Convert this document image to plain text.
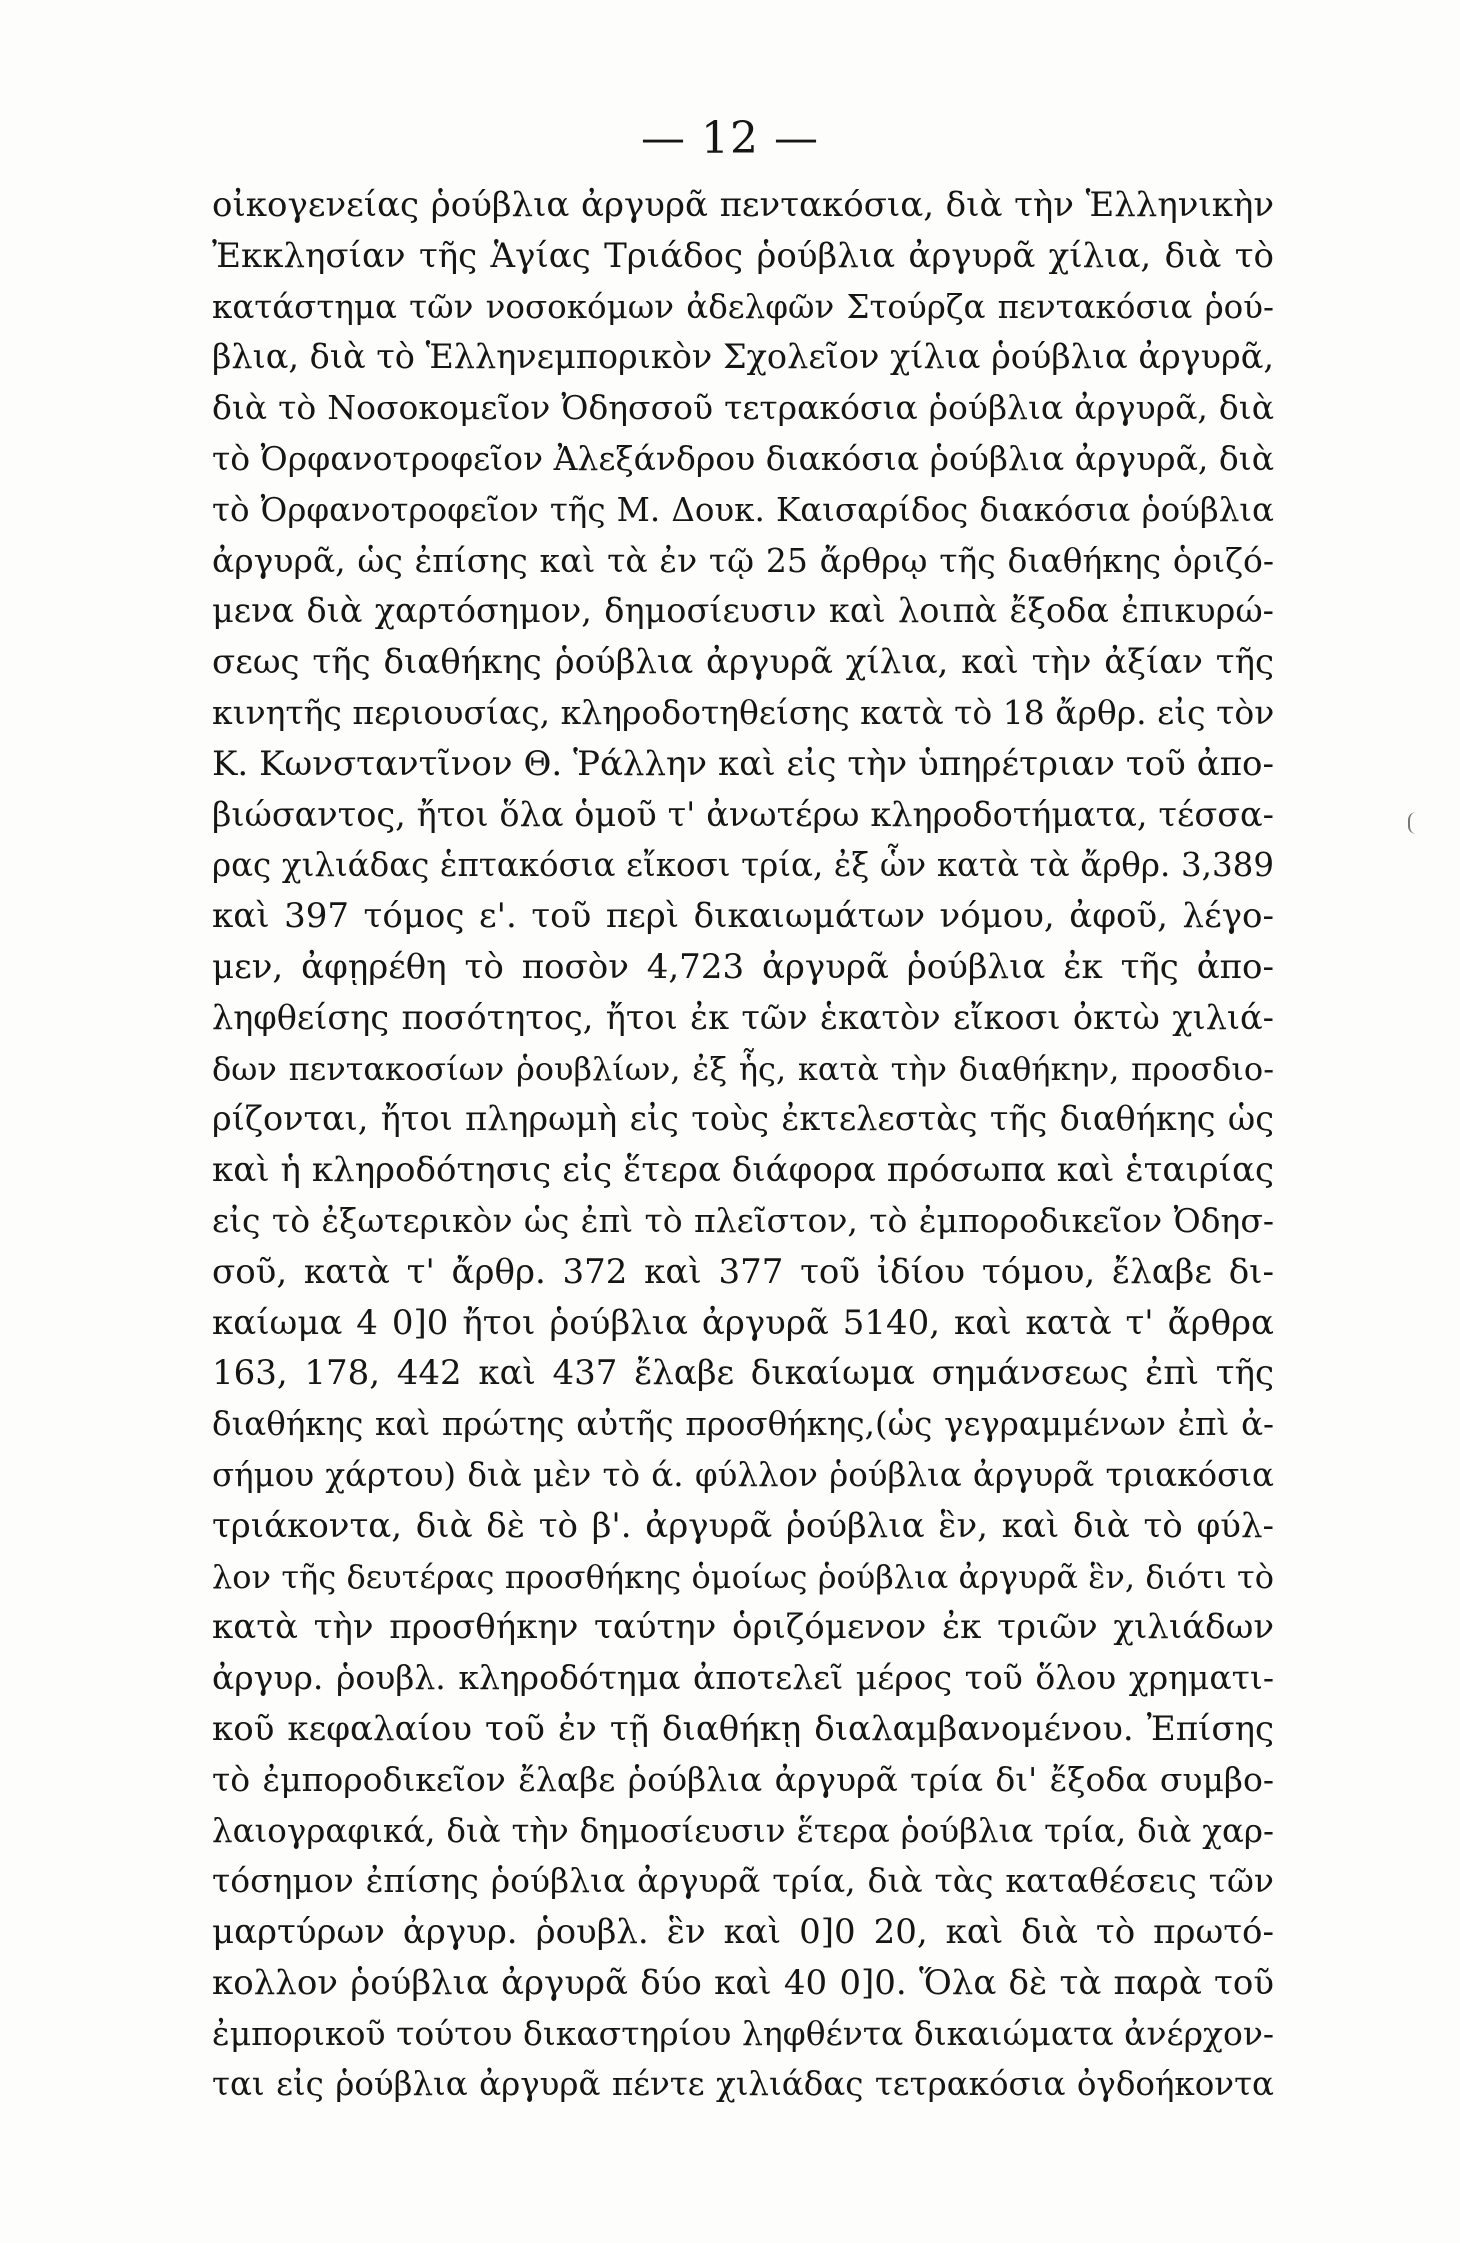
— 12 —
οἰκογενείας ῥούβλια ἀργυρᾶ πεντακόσια, διὰ τὴν Ἑλληνικὴν
Ἐκκλησίαν τῆς Ἁγίας Τριάδος ῥούβλια ἀργυρᾶ χίλια, διὰ τὸ
κατάστημα τῶν νοσοκόμων ἀδελφῶν Στούρζα πεντακόσια ῥού-
βλια, διὰ τὸ Ἑλληνεμπορικὸν Σχολεῖον χίλια ῥούβλια ἀργυρᾶ,
διὰ τὸ Νοσοκομεῖον Ὀδησσοῦ τετρακόσια ῥούβλια ἀργυρᾶ, διὰ
τὸ Ὀρφανοτροφεῖον Ἀλεξάνδρου διακόσια ῥούβλια ἀργυρᾶ, διὰ
τὸ Ὀρφανοτροφεῖον τῆς Μ. Δουκ. Καισαρίδος διακόσια ῥούβλια
ἀργυρᾶ, ὡς ἐπίσης καὶ τὰ ἐν τῷ 25 ἄρθρῳ τῆς διαθήκης ὁριζό-
μενα διὰ χαρτόσημον, δημοσίευσιν καὶ λοιπὰ ἔξοδα ἐπικυρώ-
σεως τῆς διαθήκης ῥούβλια ἀργυρᾶ χίλια, καὶ τὴν ἀξίαν τῆς
κινητῆς περιουσίας, κληροδοτηθείσης κατὰ τὸ 18 ἄρθρ. εἰς τὸν
Κ. Κωνσταντῖνον Θ. Ῥάλλην καὶ εἰς τὴν ὑπηρέτριαν τοῦ ἀπο-
βιώσαντος, ἤτοι ὅλα ὁμοῦ τ' ἀνωτέρω κληροδοτήματα, τέσσα-
ρας χιλιάδας ἑπτακόσια εἴκοσι τρία, ἐξ ὧν κατὰ τὰ ἄρθρ. 3,389
καὶ 397 τόμος ε'. τοῦ περὶ δικαιωμάτων νόμου, ἀφοῦ, λέγο-
μεν, ἀφῃρέθη τὸ ποσὸν 4,723 ἀργυρᾶ ῥούβλια ἐκ τῆς ἀπο-
ληφθείσης ποσότητος, ἤτοι ἐκ τῶν ἑκατὸν εἴκοσι ὀκτὼ χιλιά-
δων πεντακοσίων ῥουβλίων, ἐξ ἧς, κατὰ τὴν διαθήκην, προσδιο-
ρίζονται, ἤτοι πληρωμὴ εἰς τοὺς ἐκτελεστὰς τῆς διαθήκης ὡς
καὶ ἡ κληροδότησις εἰς ἕτερα διάφορα πρόσωπα καὶ ἑταιρίας
εἰς τὸ ἐξωτερικὸν ὡς ἐπὶ τὸ πλεῖστον, τὸ ἐμποροδικεῖον Ὀδησ-
σοῦ, κατὰ τ' ἄρθρ. 372 καὶ 377 τοῦ ἰδίου τόμου, ἔλαβε δι-
καίωμα 4 0]0 ἤτοι ῥούβλια ἀργυρᾶ 5140, καὶ κατὰ τ' ἄρθρα
163, 178, 442 καὶ 437 ἔλαβε δικαίωμα σημάνσεως ἐπὶ τῆς
διαθήκης καὶ πρώτης αὐτῆς προσθήκης,(ὡς γεγραμμένων ἐπὶ ἀ-
σήμου χάρτου) διὰ μὲν τὸ ά. φύλλον ῥούβλια ἀργυρᾶ τριακόσια
τριάκοντα, διὰ δὲ τὸ β'. ἀργυρᾶ ῥούβλια ἓν, καὶ διὰ τὸ φύλ-
λον τῆς δευτέρας προσθήκης ὁμοίως ῥούβλια ἀργυρᾶ ἓν, διότι τὸ
κατὰ τὴν προσθήκην ταύτην ὁριζόμενον ἐκ τριῶν χιλιάδων
ἀργυρ. ῥουβλ. κληροδότημα ἀποτελεῖ μέρος τοῦ ὅλου χρηματι-
κοῦ κεφαλαίου τοῦ ἐν τῇ διαθήκῃ διαλαμβανομένου. Ἐπίσης
τὸ ἐμποροδικεῖον ἔλαβε ῥούβλια ἀργυρᾶ τρία δι' ἔξοδα συμβο-
λαιογραφικά, διὰ τὴν δημοσίευσιν ἕτερα ῥούβλια τρία, διὰ χαρ-
τόσημον ἐπίσης ῥούβλια ἀργυρᾶ τρία, διὰ τὰς καταθέσεις τῶν
μαρτύρων ἀργυρ. ῥουβλ. ἓν καὶ 0]0 20, καὶ διὰ τὸ πρωτό-
κολλον ῥούβλια ἀργυρᾶ δύο καὶ 40 0]0. Ὅλα δὲ τὰ παρὰ τοῦ
ἐμπορικοῦ τούτου δικαστηρίου ληφθέντα δικαιώματα ἀνέρχον-
ται εἰς ῥούβλια ἀργυρᾶ πέντε χιλιάδας τετρακόσια ὀγδοήκοντα
